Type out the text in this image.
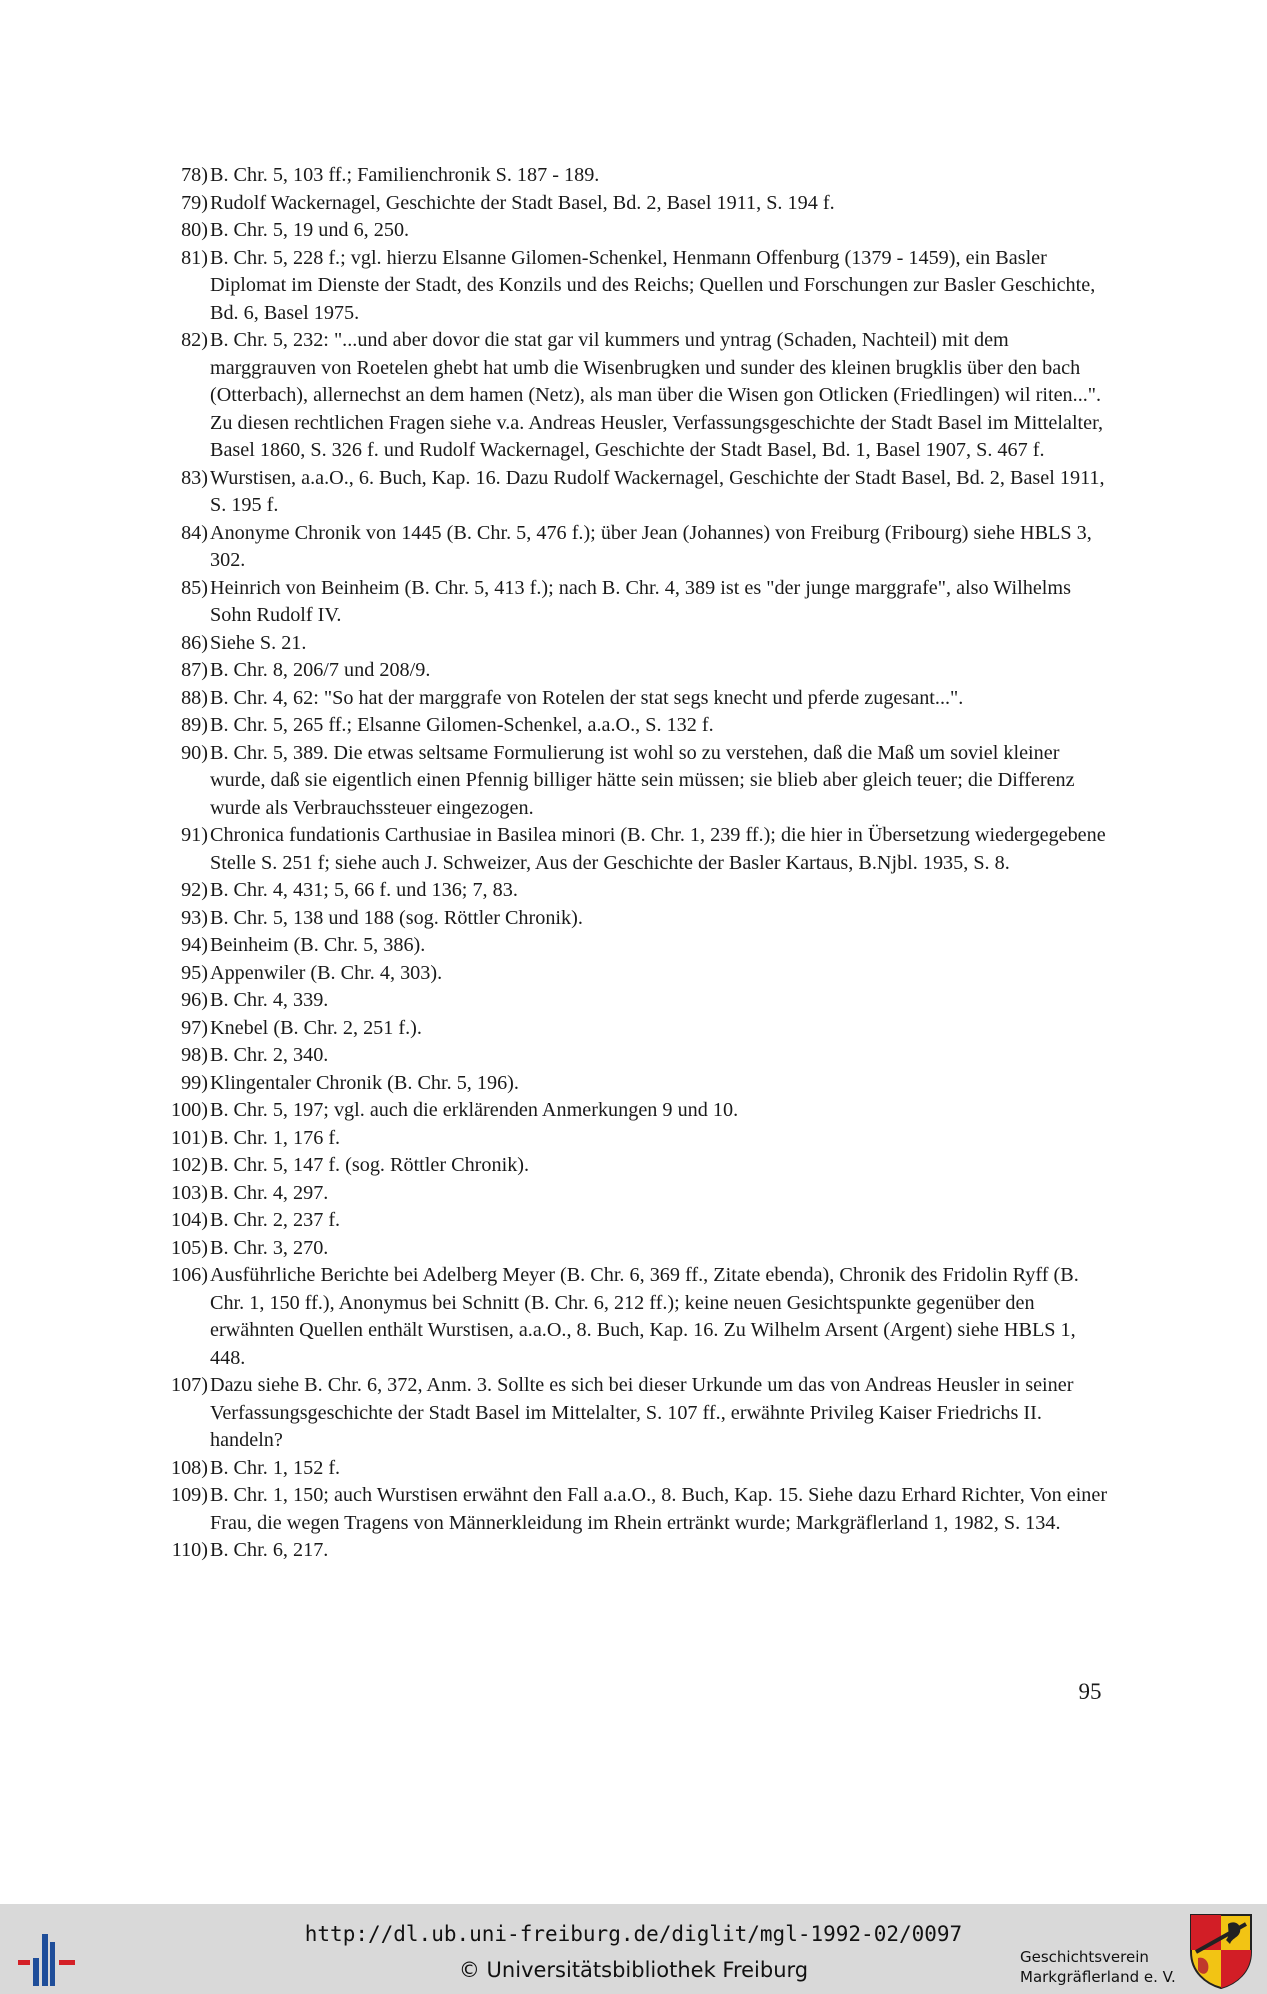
78) B. Chr. 5, 103 ff.; Familienchronik S. 187 - 189.
79) Rudolf Wackernagel, Geschichte der Stadt Basel, Bd. 2, Basel 1911, S. 194 f.
80) B. Chr. 5, 19 und 6, 250.
81) B. Chr. 5, 228 f.; vgl. hierzu Elsanne Gilomen-Schenkel, Henmann Offenburg (1379 - 1459), ein Basler Diplomat im Dienste der Stadt, des Konzils und des Reichs; Quellen und Forschungen zur Basler Geschichte, Bd. 6, Basel 1975.
82) B. Chr. 5, 232: "...und aber dovor die stat gar vil kummers und yntrag (Schaden, Nachteil) mit dem marggrauven von Roetelen ghebt hat umb die Wisenbrugken und sunder des kleinen brugklis über den bach (Otterbach), allernechst an dem hamen (Netz), als man über die Wisen gon Otlicken (Friedlingen) wil riten...". Zu diesen rechtlichen Fragen siehe v.a. Andreas Heusler, Verfassungsgeschichte der Stadt Basel im Mittelalter, Basel 1860, S. 326 f. und Rudolf Wackernagel, Geschichte der Stadt Basel, Bd. 1, Basel 1907, S. 467 f.
83) Wurstisen, a.a.O., 6. Buch, Kap. 16. Dazu Rudolf Wackernagel, Geschichte der Stadt Basel, Bd. 2, Basel 1911, S. 195 f.
84) Anonyme Chronik von 1445 (B. Chr. 5, 476 f.); über Jean (Johannes) von Freiburg (Fribourg) siehe HBLS 3, 302.
85) Heinrich von Beinheim (B. Chr. 5, 413 f.); nach B. Chr. 4, 389 ist es "der junge marggrafe", also Wilhelms Sohn Rudolf IV.
86) Siehe S. 21.
87) B. Chr. 8, 206/7 und 208/9.
88) B. Chr. 4, 62: "So hat der marggrafe von Rotelen der stat segs knecht und pferde zugesant...".
89) B. Chr. 5, 265 ff.; Elsanne Gilomen-Schenkel, a.a.O., S. 132 f.
90) B. Chr. 5, 389. Die etwas seltsame Formulierung ist wohl so zu verstehen, daß die Maß um soviel kleiner wurde, daß sie eigentlich einen Pfennig billiger hätte sein müssen; sie blieb aber gleich teuer; die Differenz wurde als Verbrauchssteuer eingezogen.
91) Chronica fundationis Carthusiae in Basilea minori (B. Chr. 1, 239 ff.); die hier in Übersetzung wiedergegebene Stelle S. 251 f; siehe auch J. Schweizer, Aus der Geschichte der Basler Kartaus, B.Njbl. 1935, S. 8.
92) B. Chr. 4, 431; 5, 66 f. und 136; 7, 83.
93) B. Chr. 5, 138 und 188 (sog. Röttler Chronik).
94) Beinheim (B. Chr. 5, 386).
95) Appenwiler (B. Chr. 4, 303).
96) B. Chr. 4, 339.
97) Knebel (B. Chr. 2, 251 f.).
98) B. Chr. 2, 340.
99) Klingentaler Chronik (B. Chr. 5, 196).
100) B. Chr. 5, 197; vgl. auch die erklärenden Anmerkungen 9 und 10.
101) B. Chr. 1, 176 f.
102) B. Chr. 5, 147 f. (sog. Röttler Chronik).
103) B. Chr. 4, 297.
104) B. Chr. 2, 237 f.
105) B. Chr. 3, 270.
106) Ausführliche Berichte bei Adelberg Meyer (B. Chr. 6, 369 ff., Zitate ebenda), Chronik des Fridolin Ryff (B. Chr. 1, 150 ff.), Anonymus bei Schnitt (B. Chr. 6, 212 ff.); keine neuen Gesichtspunkte gegenüber den erwähnten Quellen enthält Wurstisen, a.a.O., 8. Buch, Kap. 16. Zu Wilhelm Arsent (Argent) siehe HBLS 1, 448.
107) Dazu siehe B. Chr. 6, 372, Anm. 3. Sollte es sich bei dieser Urkunde um das von Andreas Heusler in seiner Verfassungsgeschichte der Stadt Basel im Mittelalter, S. 107 ff., erwähnte Privileg Kaiser Friedrichs II. handeln?
108) B. Chr. 1, 152 f.
109) B. Chr. 1, 150; auch Wurstisen erwähnt den Fall a.a.O., 8. Buch, Kap. 15. Siehe dazu Erhard Richter, Von einer Frau, die wegen Tragens von Männerkleidung im Rhein ertränkt wurde; Markgräflerland 1, 1982, S. 134.
110) B. Chr. 6, 217.
95
http://dl.ub.uni-freiburg.de/diglit/mgl-1992-02/0097
© Universitätsbibliothek Freiburg
Geschichtsverein
Markgräflerland e. V.
